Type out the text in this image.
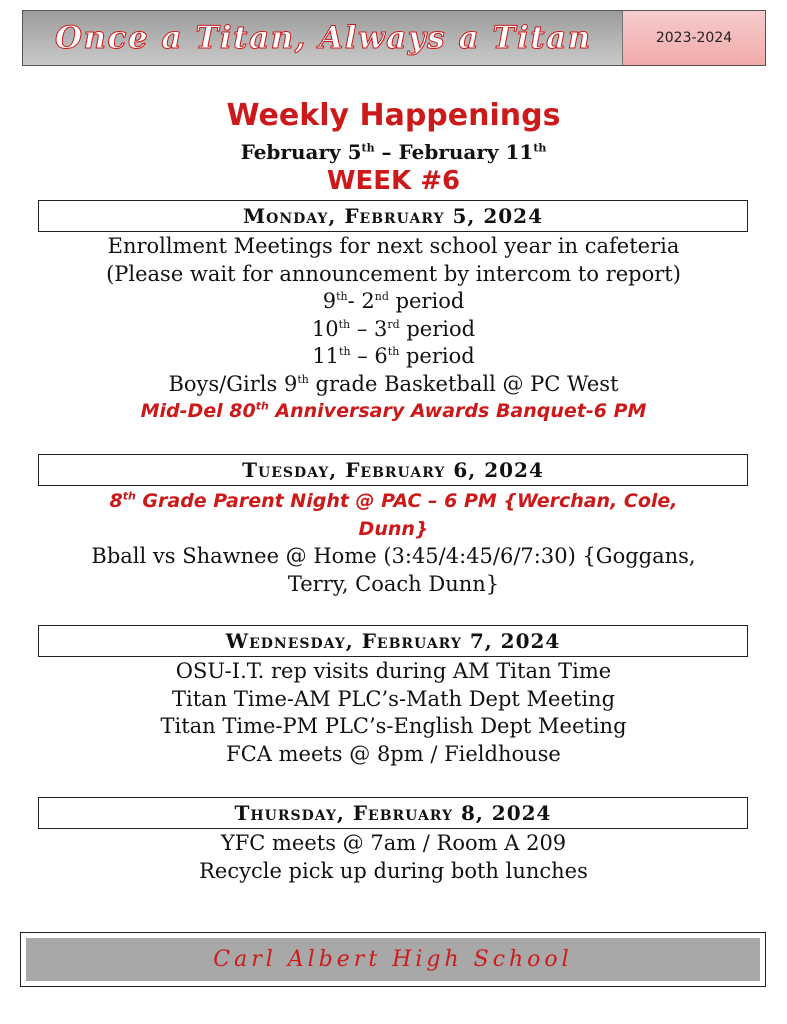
Once a Titan, Always a Titan	2023-2024
Weekly Happenings
February 5th – February 11th
WEEK #6
Monday, February 5, 2024
Enrollment Meetings for next school year in cafeteria
(Please wait for announcement by intercom to report)
9th- 2nd period
10th – 3rd period
11th – 6th period
Boys/Girls 9th grade Basketball @ PC West
Mid-Del 80th Anniversary Awards Banquet-6 PM
Tuesday, February 6, 2024
8th Grade Parent Night @ PAC – 6 PM {Werchan, Cole,
Dunn}
Bball vs Shawnee @ Home (3:45/4:45/6/7:30) {Goggans,
Terry, Coach Dunn}
Wednesday, February 7, 2024
OSU-I.T. rep visits during AM Titan Time
Titan Time-AM PLC’s-Math Dept Meeting
Titan Time-PM PLC’s-English Dept Meeting
FCA meets @ 8pm / Fieldhouse
Thursday, February 8, 2024
YFC meets @ 7am / Room A 209
Recycle pick up during both lunches
Carl Albert High School
